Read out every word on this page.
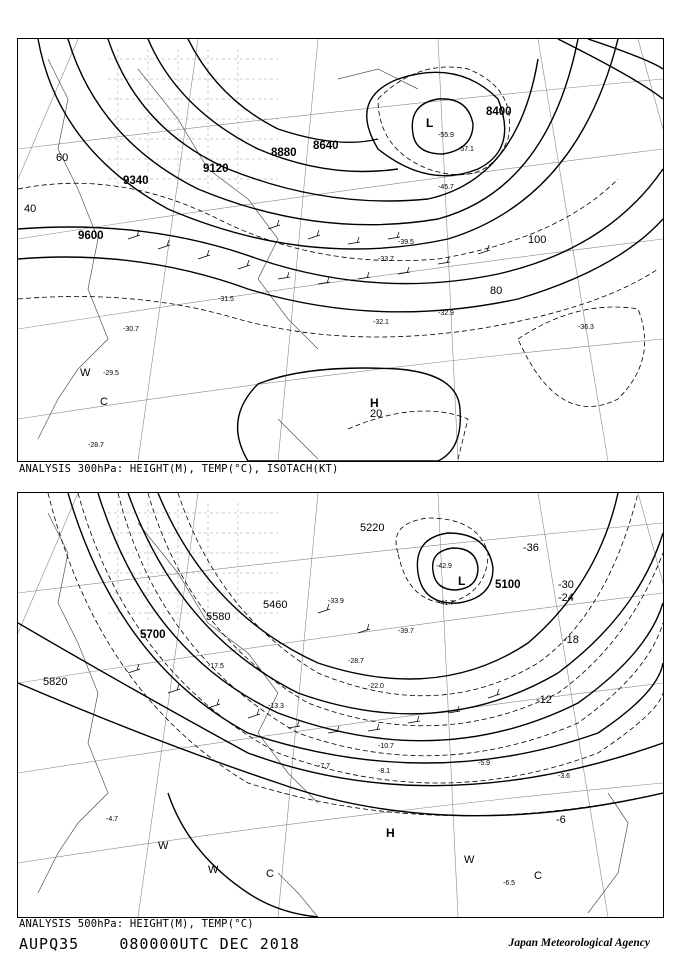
9600
9340
9120
8880
8640
8400
20
40
60
80
100
L
H
W
C
-55.9
-57.1
-45.7
-39.5
-33.7
-32.9
-31.5
-30.7
-29.5
-28.7
-36.3
-32.1
ANALYSIS 300hPa: HEIGHT(M), TEMP(°C), ISOTACH(KT)
5820
5700
5580
5460
5220
5100
-36
-30
-24
-18
-12
-6
L
H
W
W	C
W
C
-42.9
-41.7
-39.7
-33.9
-28.7
-22.0
-17.5
-13.3
-10.7
-8.1
-7.7
-6.5
-5.9
-4.7
-3.6
ANALYSIS 500hPa: HEIGHT(M), TEMP(°C)
AUPQ35	080000UTC DEC 2018	Japan Meteorological Agency
